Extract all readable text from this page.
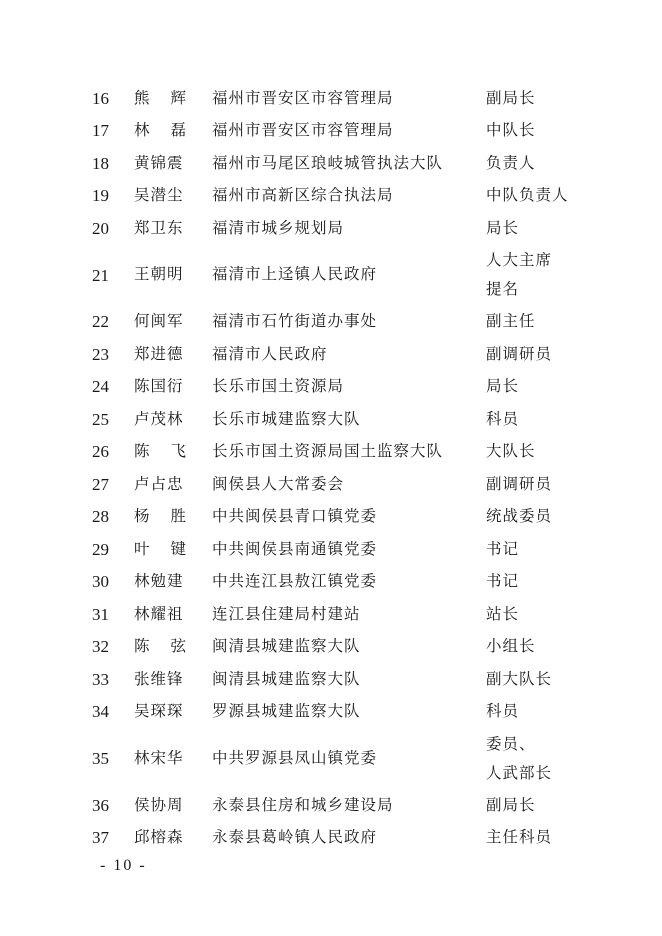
16	熊 辉 福州市晋安区市容管理局	副局长
17	林 磊 福州市晋安区市容管理局	中队长
18	黄锦震	福州市马尾区琅岐城管执法大队	负责人
19	吴潜尘	福州市高新区综合执法局	中队负责人
20	郑卫东	福清市城乡规划局	局长
21	王朝明	福清市上迳镇人民政府
人大主席
提名
22	何闽军	福清市石竹街道办事处	副主任
23	郑进德	福清市人民政府	副调研员
24	陈国衍	长乐市国土资源局	局长
25	卢茂林	长乐市城建监察大队	科员
26	陈 飞 长乐市国土资源局国土监察大队	大队长
27	卢占忠	闽侯县人大常委会	副调研员
28	杨 胜 中共闽侯县青口镇党委	统战委员
29	叶 键 中共闽侯县南通镇党委	书记
30	林勉建	中共连江县敖江镇党委	书记
31	林耀祖	连江县住建局村建站	站长
32	陈 弦 闽清县城建监察大队	小组长
33	张维锋	闽清县城建监察大队	副大队长
34	吴琛琛	罗源县城建监察大队	科员
35	林宋华	中共罗源县凤山镇党委
委员、
人武部长
36	侯协周	永泰县住房和城乡建设局	副局长
37	邱榕森	永泰县葛岭镇人民政府	主任科员
- 10 -
